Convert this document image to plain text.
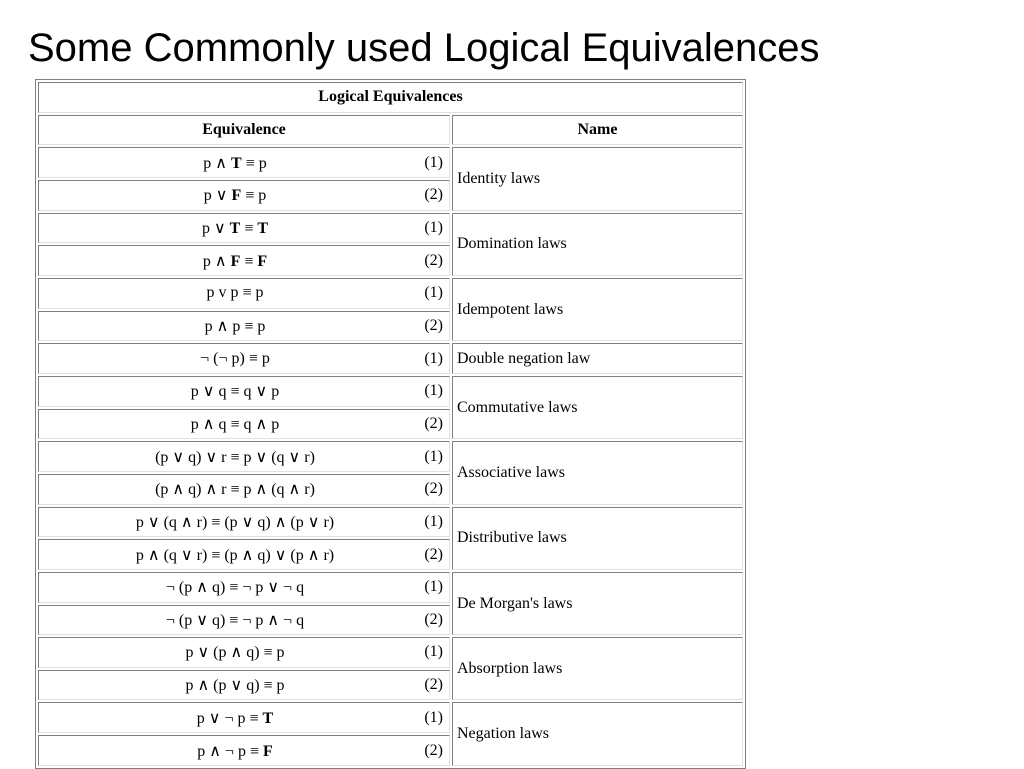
Some Commonly used Logical Equivalences
Logical Equivalences	
Equivalence	Name

p ∧ T ≡ p (1)	Identity laws

p ∨ F ≡ p (2)	

p ∨ T ≡ T (1)	Domination laws

p ∧ F ≡ F (2)	

p v p ≡ p (1)	Idempotent laws

p ∧ p ≡ p (2)	

¬ (¬ p) ≡ p (1)	Double negation law

p ∨ q ≡ q ∨ p (1)	Commutative laws

p ∧ q ≡ q ∧ p (2)	

(p ∨ q) ∨ r ≡ p ∨ (q ∨ r) (1)	Associative laws

(p ∧ q) ∧ r ≡ p ∧ (q ∧ r) (2)	

p ∨ (q ∧ r) ≡ (p ∨ q) ∧ (p ∨ r) (1)	Distributive laws

p ∧ (q ∨ r) ≡ (p ∧ q) ∨ (p ∧ r) (2)	

¬ (p ∧ q) ≡ ¬ p ∨ ¬ q (1)	De Morgan's laws

¬ (p ∨ q) ≡ ¬ p ∧ ¬ q (2)	

p ∨ (p ∧ q) ≡ p (1)	Absorption laws

p ∧ (p ∨ q) ≡ p (2)	

p ∨ ¬ p ≡ T (1)	Negation laws

p ∧ ¬ p ≡ F (2)	
